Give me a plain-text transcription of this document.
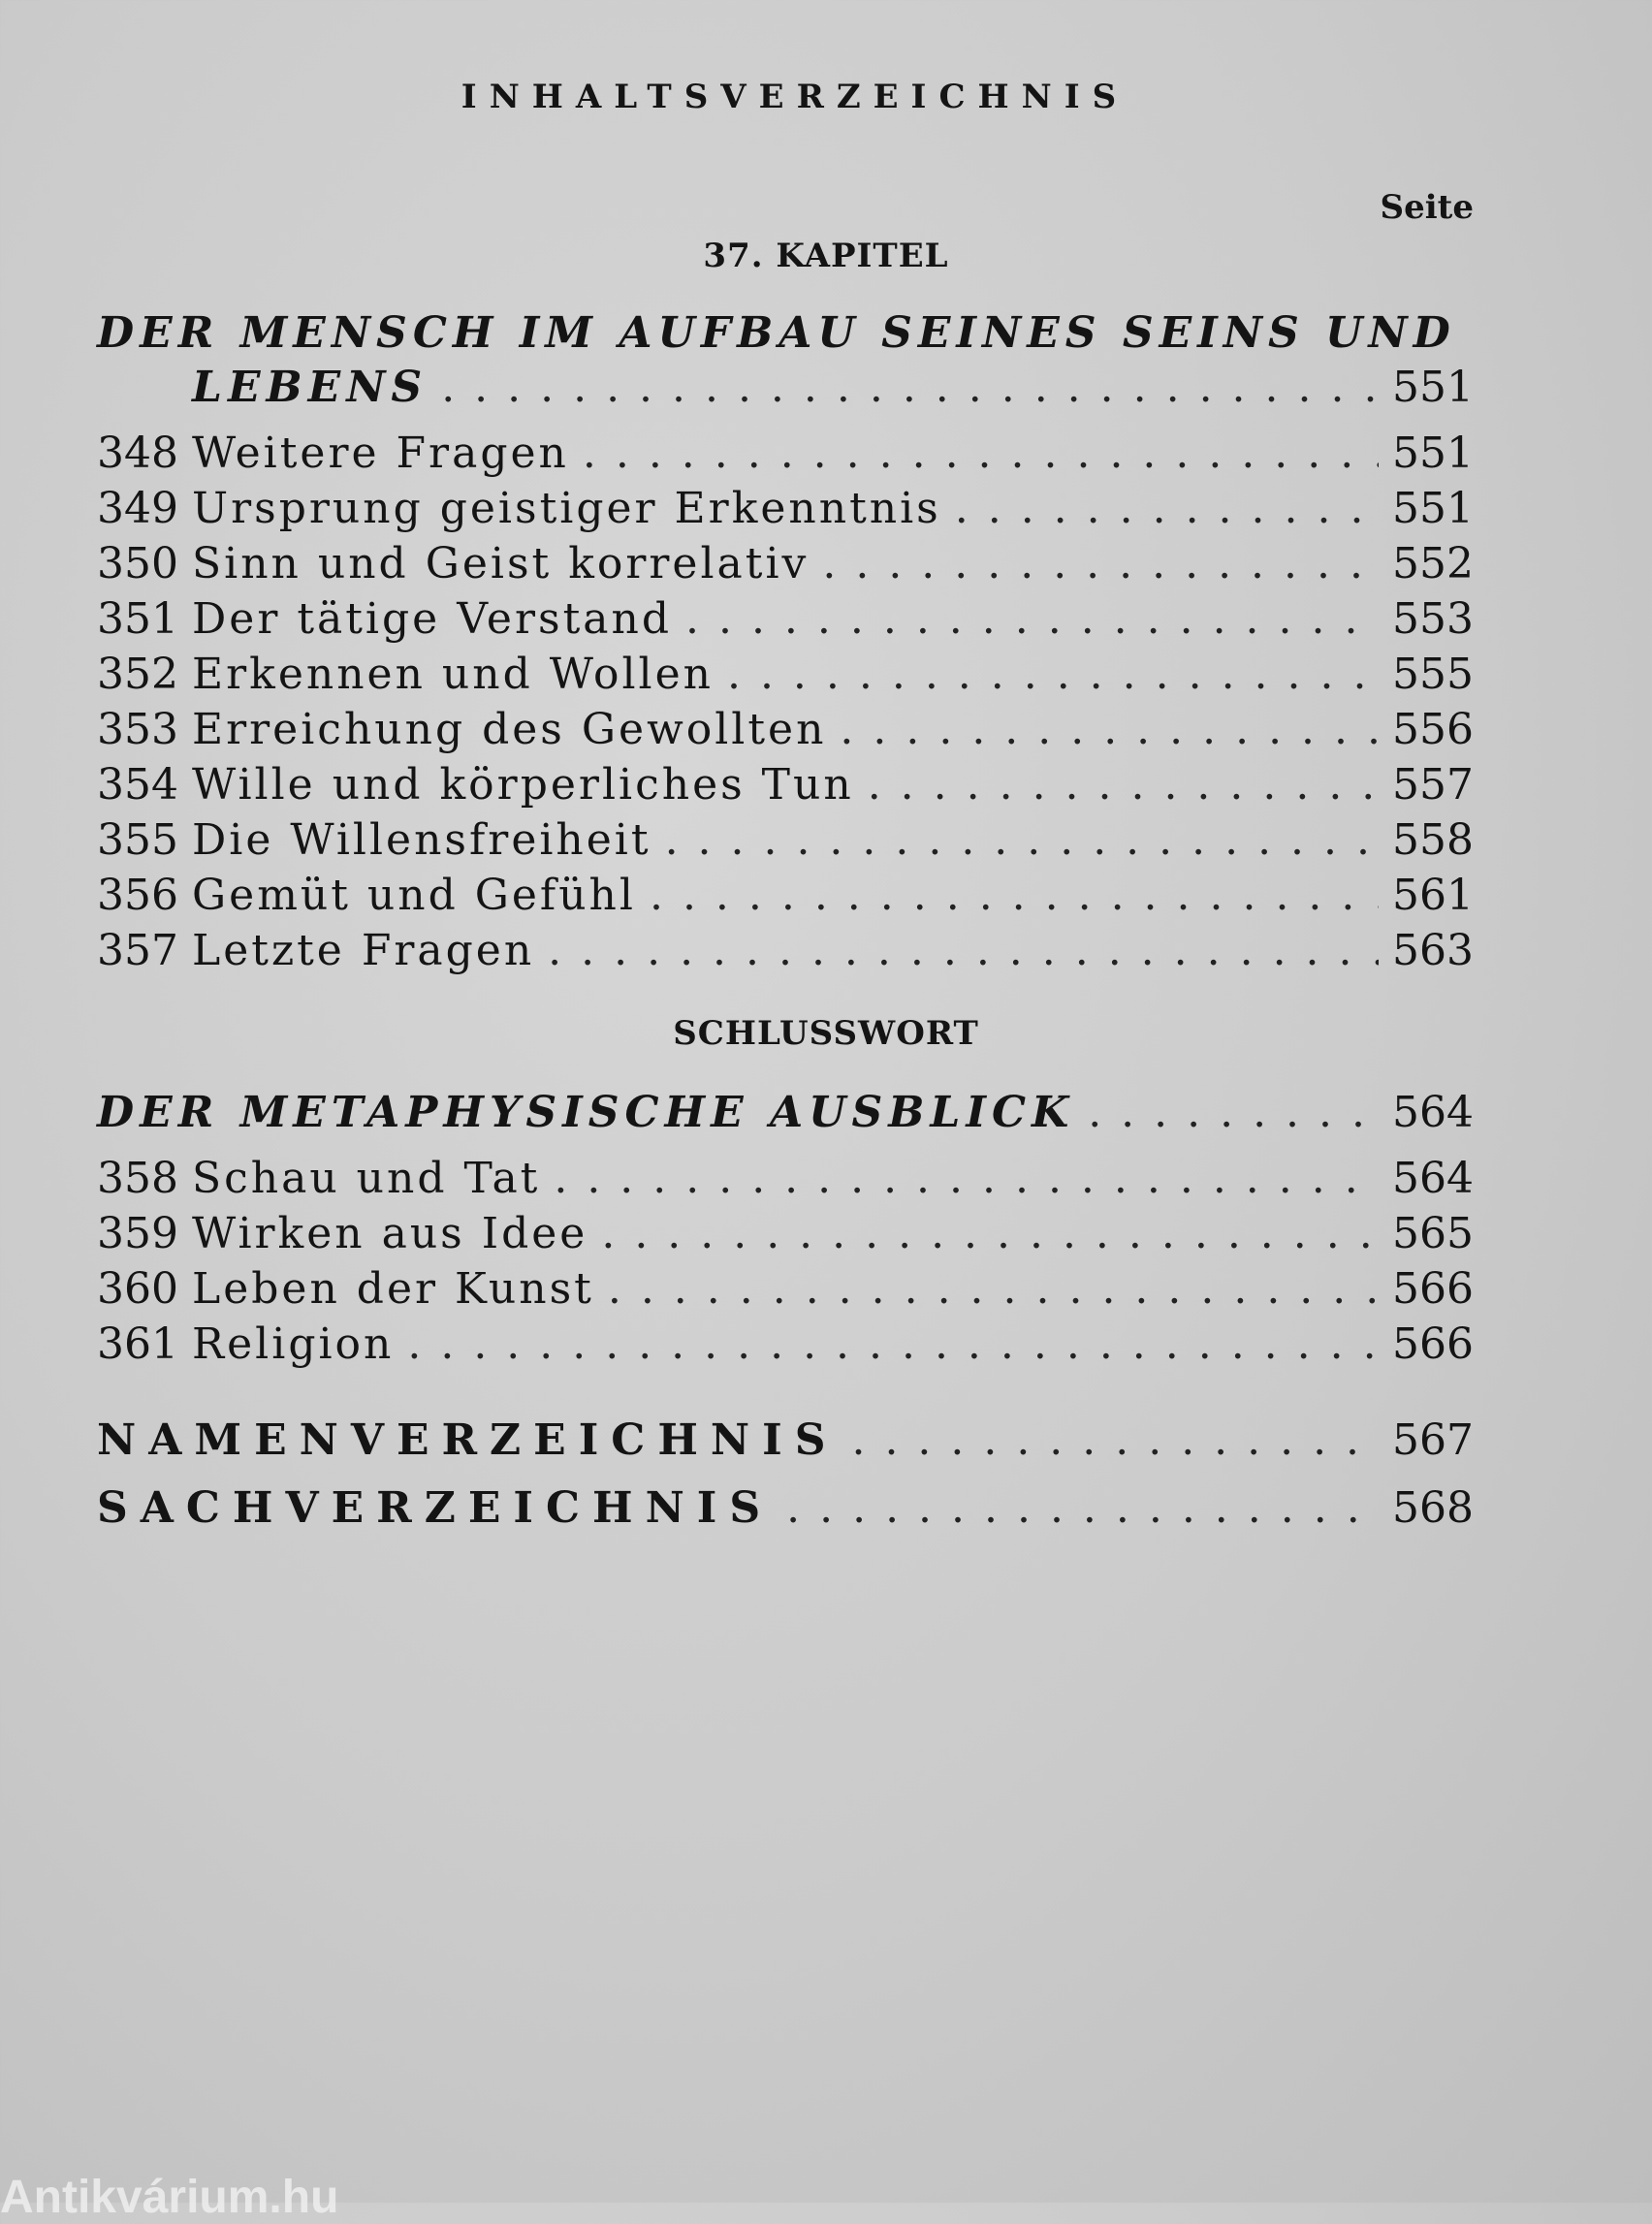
INHALTSVERZEICHNIS
Seite
37. KAPITEL
DER MENSCH IM AUFBAU SEINES SEINS UND
LEBENS . . .	551
348 Weitere Fragen . . .	551
349 Ursprung geistiger Erkenntnis . . .	551
350 Sinn und Geist korrelativ . . .	552
351 Der tätige Verstand . . .	553
352 Erkennen und Wollen . . .	555
353 Erreichung des Gewollten . . .	556
354 Wille und körperliches Tun . . .	557
355 Die Willensfreiheit . . .	558
356 Gemüt und Gefühl . . .	561
357 Letzte Fragen . . .	563
SCHLUSSWORT
DER METAPHYSISCHE AUSBLICK . . .	564
358 Schau und Tat . . .	564
359 Wirken aus Idee . . .	565
360 Leben der Kunst . . .	566
361 Religion . . .	566
NAMENVERZEICHNIS . . .	567
SACHVERZEICHNIS . . .	568
Antikvárium.hu
